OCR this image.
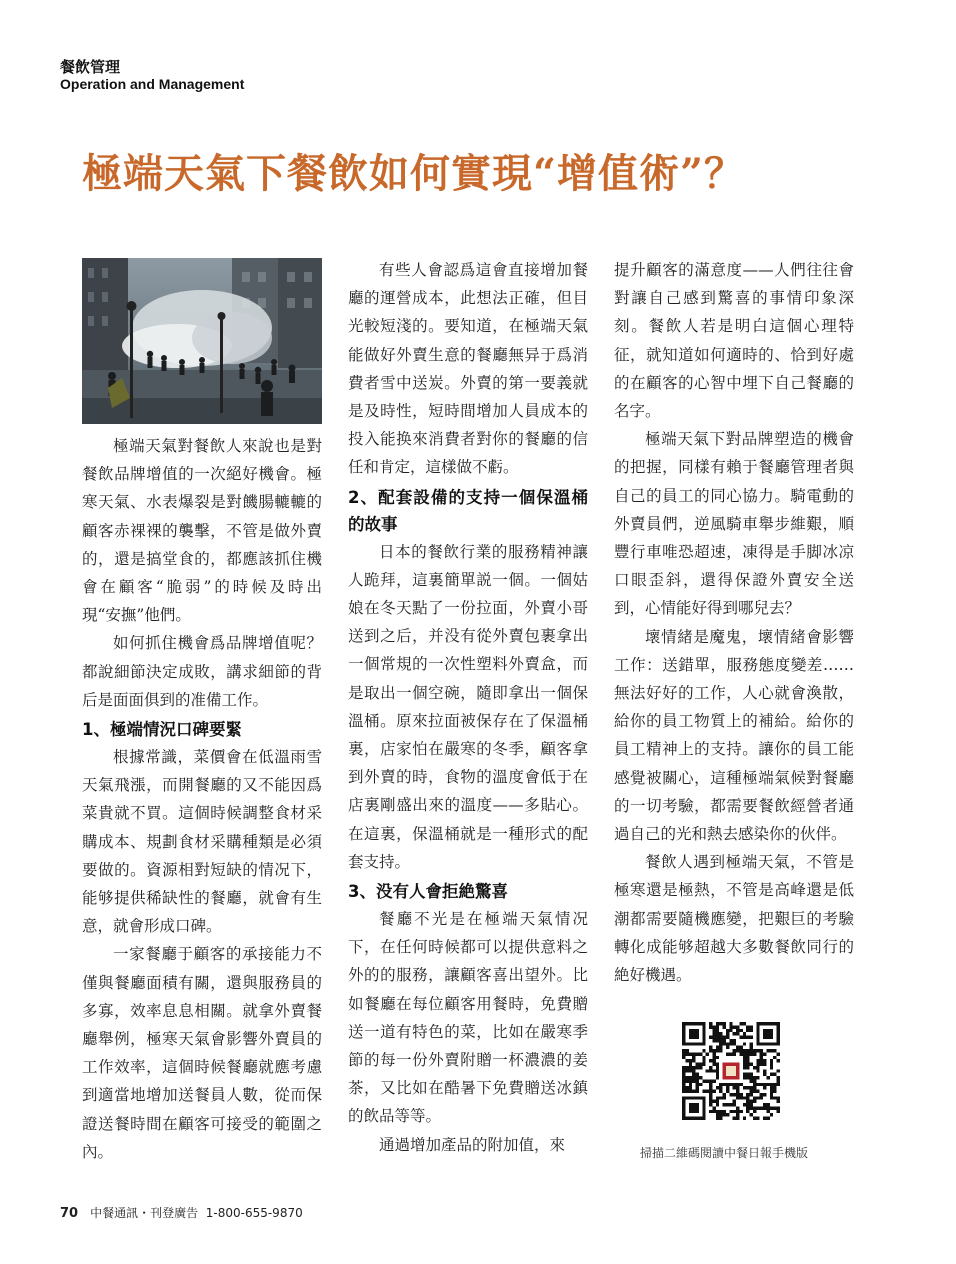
餐飲管理
Operation and Management
極端天氣下餐飲如何實現“增值術”？

極端天氣對餐飲人來說也是對餐飲品牌增值的一次絕好機會。極寒天氣、水表爆裂是對饑腸轆轆的顧客赤裸裸的襲擊，不管是做外賣的，還是搞堂食的，都應該抓住機會在顧客“脆弱”的時候及時出現“安撫”他們。

如何抓住機會爲品牌增值呢？都說細節決定成敗，講求細節的背后是面面俱到的准備工作。

1、極端情況口碑要緊

根據常識，菜價會在低溫雨雪天氣飛漲，而開餐廳的又不能因爲菜貴就不買。這個時候調整食材采購成本、規劃食材采購種類是必須要做的。資源相對短缺的情况下，能够提供稀缺性的餐廳，就會有生意，就會形成口碑。

一家餐廳于顧客的承接能力不僅與餐廳面積有關，還與服務員的多寡，效率息息相關。就拿外賣餐廳舉例，極寒天氣會影響外賣員的工作效率，這個時候餐廳就應考慮到適當地增加送餐員人數，從而保證送餐時間在顧客可接受的範圍之內。

有些人會認爲這會直接增加餐廳的運營成本，此想法正確，但目光較短淺的。要知道，在極端天氣能做好外賣生意的餐廳無异于爲消費者雪中送炭。外賣的第一要義就是及時性，短時間增加人員成本的投入能换來消費者對你的餐廳的信任和肯定，這樣做不虧。

2、配套設備的支持一個保溫桶的故事

日本的餐飲行業的服務精神讓人跪拜，這裏簡單説一個。一個姑娘在冬天點了一份拉面，外賣小哥送到之后，并没有從外賣包裹拿出一個常規的一次性塑料外賣盒，而是取出一個空碗，隨即拿出一個保溫桶。原來拉面被保存在了保溫桶裏，店家怕在嚴寒的冬季，顧客拿到外賣的時，食物的溫度會低于在店裏剛盛出來的溫度——多貼心。在這裏，保溫桶就是一種形式的配套支持。

3、没有人會拒絶驚喜

餐廳不光是在極端天氣情况下，在任何時候都可以提供意料之外的的服務，讓顧客喜出望外。比如餐廳在每位顧客用餐時，免費贈送一道有特色的菜，比如在嚴寒季節的每一份外賣附贈一杯濃濃的姜茶，又比如在酷暑下免費贈送冰鎮的飲品等等。

通過增加產品的附加值，來

提升顧客的滿意度——人們往往會對讓自己感到驚喜的事情印象深刻。餐飲人若是明白這個心理特征，就知道如何適時的、恰到好處的在顧客的心智中埋下自己餐廳的名字。

極端天氣下對品牌塑造的機會的把握，同樣有賴于餐廳管理者與自己的員工的同心協力。騎電動的外賣員們，逆風騎車舉步維艱，順豐行車唯恐超速，凍得是手脚冰凉口眼歪斜，還得保證外賣安全送到，心情能好得到哪兒去？

壞情緒是魔鬼，壞情緒會影響工作：送錯單，服務態度變差……無法好好的工作，人心就會渙散，給你的員工物質上的補給。給你的員工精神上的支持。讓你的員工能感覺被關心，這種極端氣候對餐廳的一切考驗，都需要餐飲經營者通過自己的光和熱去感染你的伙伴。

餐飲人遇到極端天氣，不管是極寒還是極熱，不管是高峰還是低潮都需要隨機應變，把艱巨的考驗轉化成能够超越大多數餐飲同行的絶好機遇。

掃描二維碼閱讀中餐日報手機版
70 中餐通訊・刊登廣告 1-800-655-9870
